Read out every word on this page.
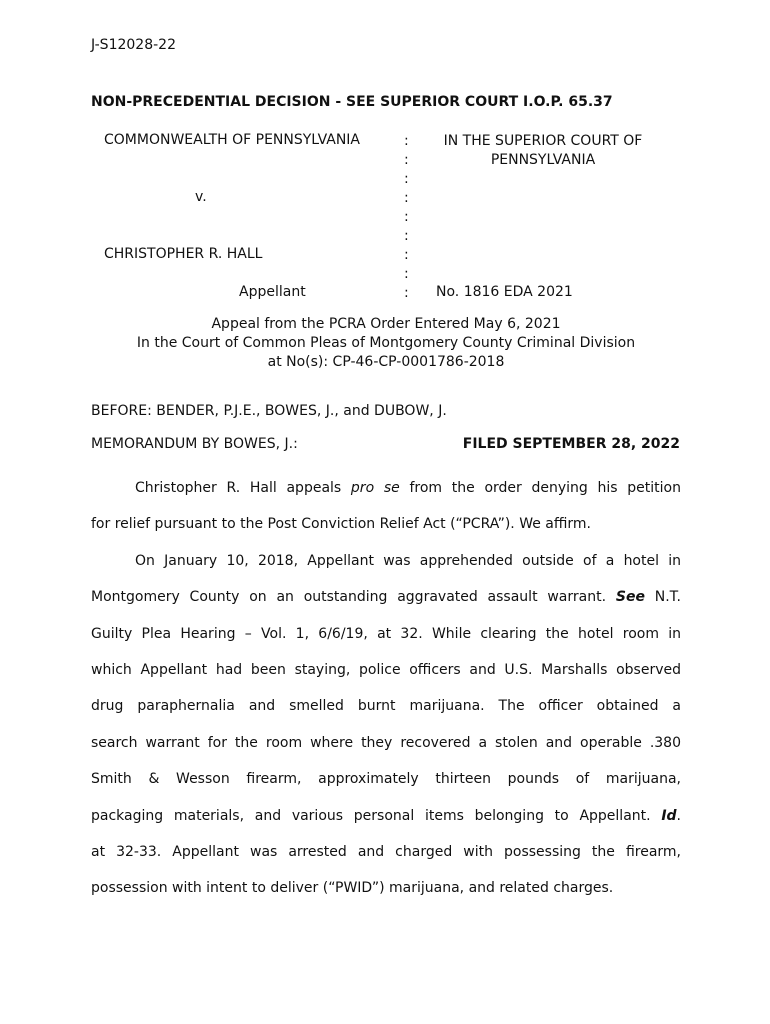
J-S12028-22
NON-PRECEDENTIAL DECISION - SEE SUPERIOR COURT I.O.P. 65.37
COMMONWEALTH OF PENNSYLVANIA
v.
CHRISTOPHER R. HALL
Appellant
:
:
:
:
:
:
:
:
:
IN THE SUPERIOR COURT OF
PENNSYLVANIA
No. 1816 EDA 2021
Appeal from the PCRA Order Entered May 6, 2021
In the Court of Common Pleas of Montgomery County Criminal Division
at No(s): CP-46-CP-0001786-2018
BEFORE: BENDER, P.J.E., BOWES, J., and DUBOW, J.
MEMORANDUM BY BOWES, J.:	FILED SEPTEMBER 28, 2022
Christopher R. Hall appeals pro se from the order denying his petition
for relief pursuant to the Post Conviction Relief Act (“PCRA”). We affirm.
On January 10, 2018, Appellant was apprehended outside of a hotel in
Montgomery County on an outstanding aggravated assault warrant. See N.T.
Guilty Plea Hearing – Vol. 1, 6/6/19, at 32. While clearing the hotel room in
which Appellant had been staying, police officers and U.S. Marshalls observed
drug paraphernalia and smelled burnt marijuana. The officer obtained a
search warrant for the room where they recovered a stolen and operable .380
Smith & Wesson firearm, approximately thirteen pounds of marijuana,
packaging materials, and various personal items belonging to Appellant. Id.
at 32-33. Appellant was arrested and charged with possessing the firearm,
possession with intent to deliver (“PWID”) marijuana, and related charges.
